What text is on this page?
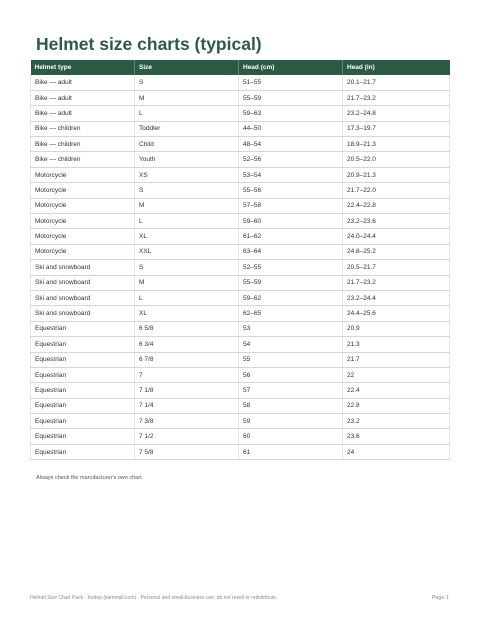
Helmet size charts (typical)
Helmet type	Size	Head (cm)	Head (in)
Bike — adult	S	51–55	20.1–21.7
Bike — adult	M	55–59	21.7–23.2
Bike — adult	L	59–63	23.2–24.8
Bike — children	Toddler	44–50	17.3–19.7
Bike — children	Child	48–54	18.9–21.3
Bike — children	Youth	52–56	20.5–22.0
Motorcycle	XS	53–54	20.9–21.3
Motorcycle	S	55–56	21.7–22.0
Motorcycle	M	57–58	22.4–22.8
Motorcycle	L	59–60	23.2–23.6
Motorcycle	XL	61–62	24.0–24.4
Motorcycle	XXL	63–64	24.8–25.2
Ski and snowboard	S	52–55	20.5–21.7
Ski and snowboard	M	55–59	21.7–23.2
Ski and snowboard	L	59–62	23.2–24.4
Ski and snowboard	XL	62–65	24.4–25.6
Equestrian	6 5/8	53	20.9
Equestrian	6 3/4	54	21.3
Equestrian	6 7/8	55	21.7
Equestrian	7	56	22
Equestrian	7 1/8	57	22.4
Equestrian	7 1/4	58	22.8
Equestrian	7 3/8	59	23.2
Equestrian	7 1/2	60	23.6
Equestrian	7 5/8	61	24
Always check the manufacturer's own chart.
Helmet Size Chart Pack · Kedop (kammall.com) · Personal and small-business use; do not resell or redistribute.	Page 1
